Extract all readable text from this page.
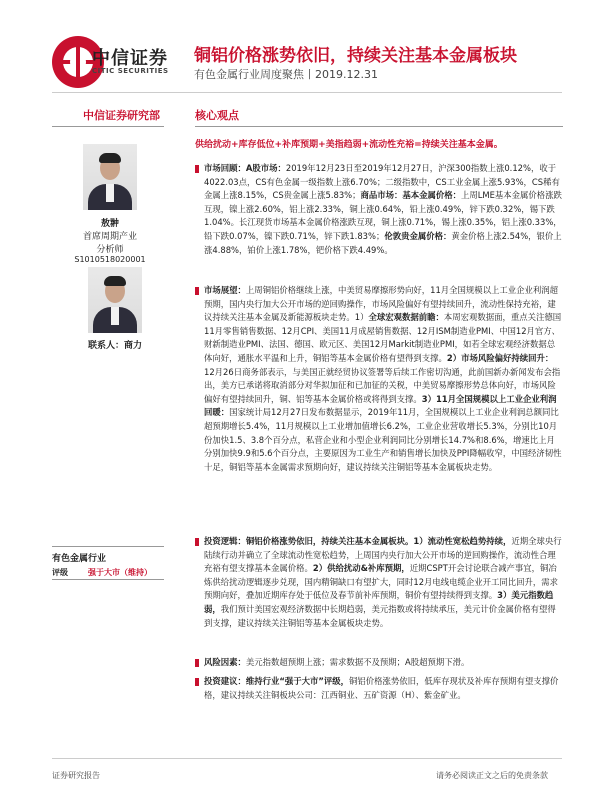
中信证券
CITIC SECURITIES
铜铝价格涨势依旧，持续关注基本金属板块
有色金属行业周度聚焦丨2019.12.31
中信证券研究部	核心观点
供给扰动+库存低位+补库预期+美指趋弱+流动性充裕=持续关注基本金属。
敖翀
首席周期产业
分析师
S1010518020001
联系人：商力
有色金属行业
评级	强于大市（维持）

市场回顾：A股市场：2019年12月23日至2019年12月27日，沪深300指数上涨0.12%，收于4022.03点，CS有色金属一级指数上涨6.70%；二级指数中，CS工业金属上涨5.93%，CS稀有金属上涨8.15%，CS贵金属上涨5.83%；商品市场：基本金属价格：上周LME基本金属价格涨跌互现，镍上涨2.60%，铝上涨2.33%，铜上涨0.64%，铅上涨0.49%，锌下跌0.32%，锡下跌1.04%。长江现货市场基本金属价格涨跌互现，铜上涨0.71%，锡上涨0.35%，铝上涨0.33%，铅下跌0.07%，镍下跌0.71%，锌下跌1.83%；伦敦贵金属价格：黄金价格上涨2.54%，银价上涨4.88%，铂价上涨1.78%，钯价格下跌4.49%。

市场展望：上周铜铝价格继续上涨，中美贸易摩擦形势向好，11月全国规模以上工业企业利润超预期，国内央行加大公开市场的逆回购操作，市场风险偏好有望持续回升，流动性保持充裕，建议持续关注基本金属及新能源板块走势。1）全球宏观数据前瞻：本周宏观数据面，重点关注德国11月零售销售数据、12月CPI、美国11月成屋销售数据、12月ISM制造业PMI、中国12月官方、财新制造业PMI、法国、德国、欧元区、美国12月Markit制造业PMI，如若全球宏观经济数据总体向好，通胀水平温和上升，铜铝等基本金属价格有望得到支撑。2）市场风险偏好持续回升：12月26日商务部表示，与美国正就经贸协议签署等后续工作密切沟通，此前国新办新闻发布会指出，美方已承诺将取消部分对华拟加征和已加征的关税，中美贸易摩擦形势总体向好，市场风险偏好有望持续回升，铜、铝等基本金属价格或将得到支撑。3）11月全国规模以上工业企业利润回暖：国家统计局12月27日发布数据显示，2019年11月，全国规模以上工业企业利润总额同比超预期增长5.4%，11月规模以上工业增加值增长6.2%，工业企业营收增长5.3%，分别比10月份加快1.5、3.8个百分点，私营企业和小型企业利润同比分别增长14.7%和8.6%，增速比上月分别加快9.9和5.6个百分点，主要原因为工业生产和销售增长加快及PPI降幅收窄，中国经济韧性十足，铜铝等基本金属需求预期向好，建议持续关注铜铝等基本金属板块走势。

投资逻辑：铜铝价格涨势依旧，持续关注基本金属板块。1）流动性宽松趋势持续，近期全球央行陆续行动并确立了全球流动性宽松趋势，上周国内央行加大公开市场的逆回购操作，流动性合理充裕有望支撑基本金属价格。2）供给扰动&补库预期，近期CSPT开会讨论联合减产事宜，铜冶炼供给扰动逻辑逐步兑现，国内精铜缺口有望扩大，同时12月电线电缆企业开工同比回升，需求预期向好，叠加近期库存处于低位及春节前补库预期，铜价有望持续得到支撑。3）美元指数趋弱，我们预计美国宏观经济数据中长期趋弱，美元指数或将持续承压，美元计价金属价格有望得到支撑，建议持续关注铜铝等基本金属板块走势。

风险因素：美元指数超预期上涨；需求数据不及预期；A股超预期下滑。

投资建议：维持行业“强于大市”评级，铜铝价格涨势依旧，低库存现状及补库存预期有望支撑价格，建议持续关注铜板块公司：江西铜业、五矿资源（H）、紫金矿业。

证券研究报告	请务必阅读正文之后的免责条款
